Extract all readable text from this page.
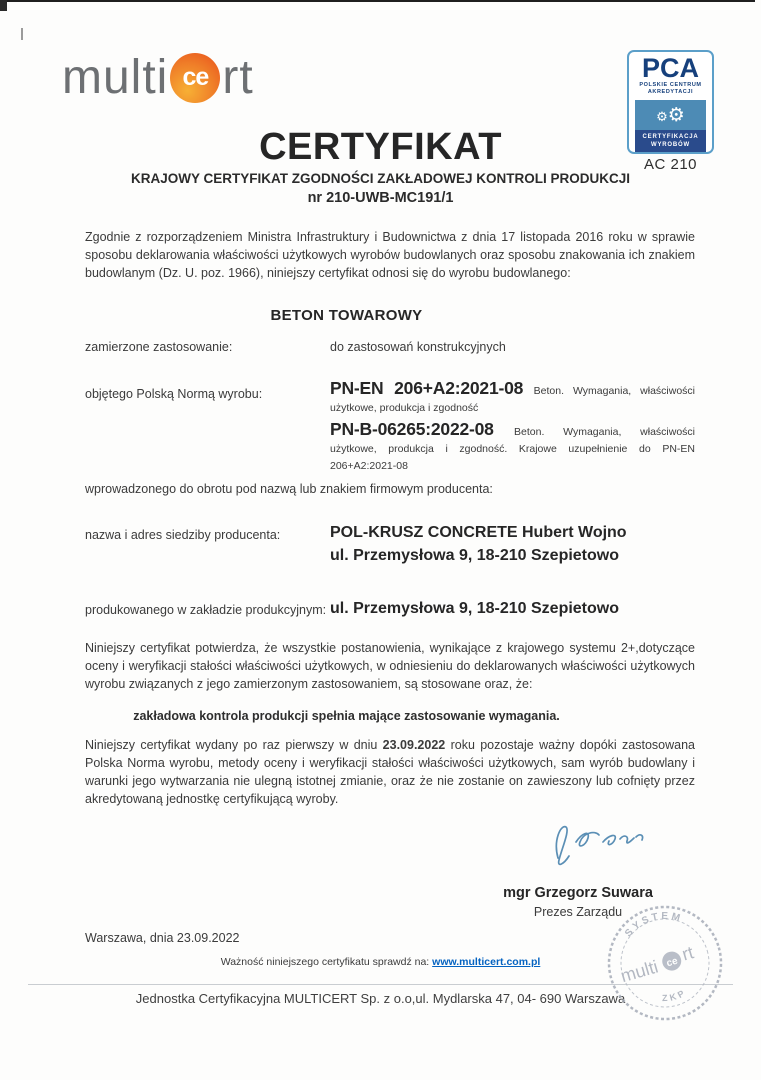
multi ce rt	PCA
POLSKIE CENTRUM
AKREDYTACJI
⚙⚙
CERTYFIKACJA
WYROBÓW
AC 210
CERTYFIKAT
KRAJOWY CERTYFIKAT ZGODNOŚCI ZAKŁADOWEJ KONTROLI PRODUKCJI
nr 210-UWB-MC191/1
Zgodnie z rozporządzeniem Ministra Infrastruktury i Budownictwa z dnia 17 listopada 2016 roku w sprawie sposobu deklarowania właściwości użytkowych wyrobów budowlanych oraz sposobu znakowania ich znakiem budowlanym (Dz. U. poz. 1966), niniejszy certyfikat odnosi się do wyrobu budowlanego:
BETON TOWAROWY
zamierzone zastosowanie:	do zastosowań konstrukcyjnych
objętego Polską Normą wyrobu:	PN-EN 206+A2:2021-08 Beton. Wymagania, właściwości użytkowe, produkcja i zgodność
PN-B-06265:2022-08 Beton. Wymagania, właściwości użytkowe, produkcja i zgodność. Krajowe uzupełnienie do PN-EN 206+A2:2021-08
wprowadzonego do obrotu pod nazwą lub znakiem firmowym producenta:
nazwa i adres siedziby producenta:	POL-KRUSZ CONCRETE Hubert Wojno
ul. Przemysłowa 9, 18-210 Szepietowo
produkowanego w zakładzie produkcyjnym: ul. Przemysłowa 9, 18-210 Szepietowo
Niniejszy certyfikat potwierdza, że wszystkie postanowienia, wynikające z krajowego systemu 2+,dotyczące oceny i weryfikacji stałości właściwości użytkowych, w odniesieniu do deklarowanych właściwości użytkowych wyrobu związanych z jego zamierzonym zastosowaniem, są stosowane oraz, że:
zakładowa kontrola produkcji spełnia mające zastosowanie wymagania.
Niniejszy certyfikat wydany po raz pierwszy w dniu 23.09.2022 roku pozostaje ważny dopóki zastosowana Polska Norma wyrobu, metody oceny i weryfikacji stałości właściwości użytkowych, sam wyrób budowlany i warunki jego wytwarzania nie ulegną istotnej zmianie, oraz że nie zostanie on zawieszony lub cofnięty przez akredytowaną jednostkę certyfikującą wyroby.
mgr Grzegorz Suwara
Prezes Zarządu
Warszawa, dnia 23.09.2022
Ważność niniejszego certyfikatu sprawdź na: www.multicert.com.pl
Jednostka Certyfikacyjna MULTICERT Sp. z o.o,ul. Mydlarska 47, 04- 690 Warszawa
SYSTEM
ZKP
multi ce rt
